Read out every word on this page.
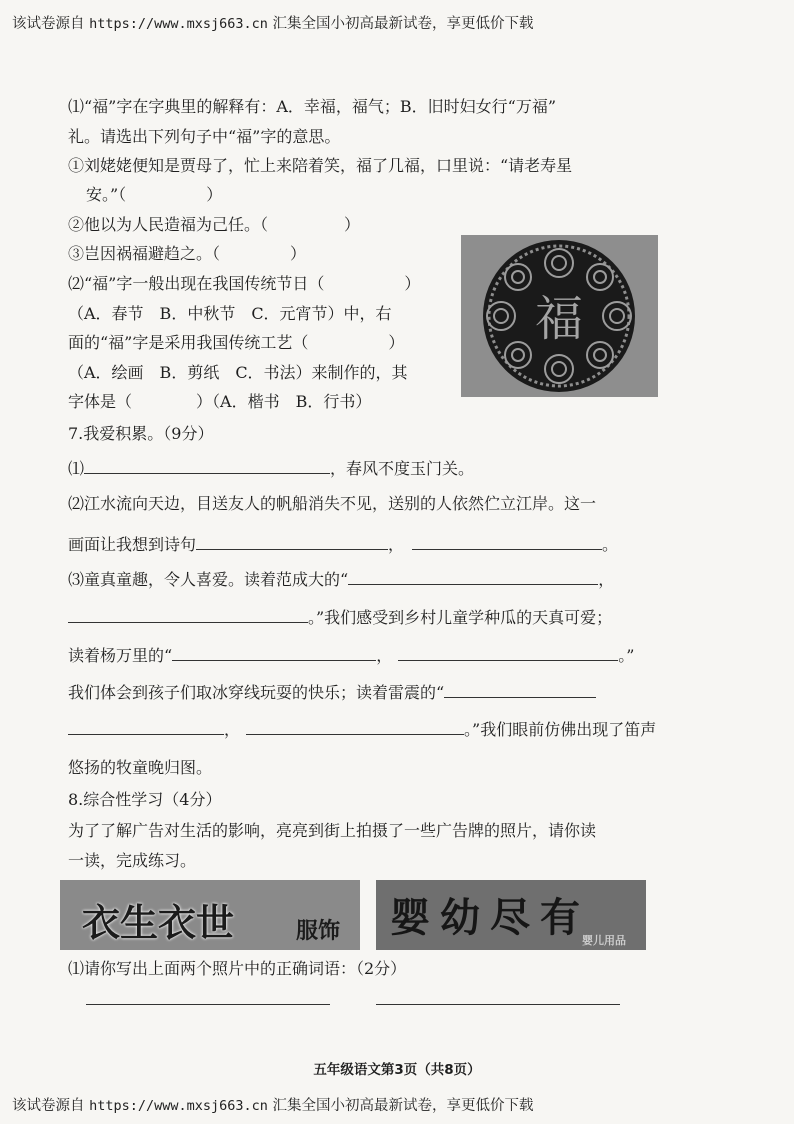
该试卷源自 https://www.mxsj663.cn 汇集全国小初高最新试卷，享更低价下载
⑴“福”字在字典里的解释有：A．幸福，福气；B．旧时妇女行“万福”
礼。请选出下列句子中“福”字的意思。
①刘姥姥便知是贾母了，忙上来陪着笑，福了几福，口里说：“请老寿星
安。”（	）
②他以为人民造福为己任。（	）
③岂因祸福避趋之。（	）
⑵“福”字一般出现在我国传统节日（	）
（A．春节　B．中秋节　C．元宵节）中，右
面的“福”字是采用我国传统工艺（	）
（A．绘画　B．剪纸　C．书法）来制作的，其
字体是（	）（A．楷书　B．行书）
福
7.我爱积累。（9分）
⑴	，春风不度玉门关。
⑵江水流向天边，目送友人的帆船消失不见，送别的人依然伫立江岸。这一
画面让我想到诗句	，	。
⑶童真童趣，令人喜爱。读着范成大的“	，
。”我们感受到乡村儿童学种瓜的天真可爱；
读着杨万里的“	，	。”
我们体会到孩子们取冰穿线玩耍的快乐；读着雷震的“
，	。”我们眼前仿佛出现了笛声
悠扬的牧童晚归图。
8.综合性学习（4分）
为了了解广告对生活的影响，亮亮到街上拍摄了一些广告牌的照片，请你读
一读，完成练习。
衣生衣世	服饰 婴幼尽有
婴儿用品
⑴请你写出上面两个照片中的正确词语：（2分）
五年级语文第3页（共8页）
该试卷源自 https://www.mxsj663.cn 汇集全国小初高最新试卷，享更低价下载
